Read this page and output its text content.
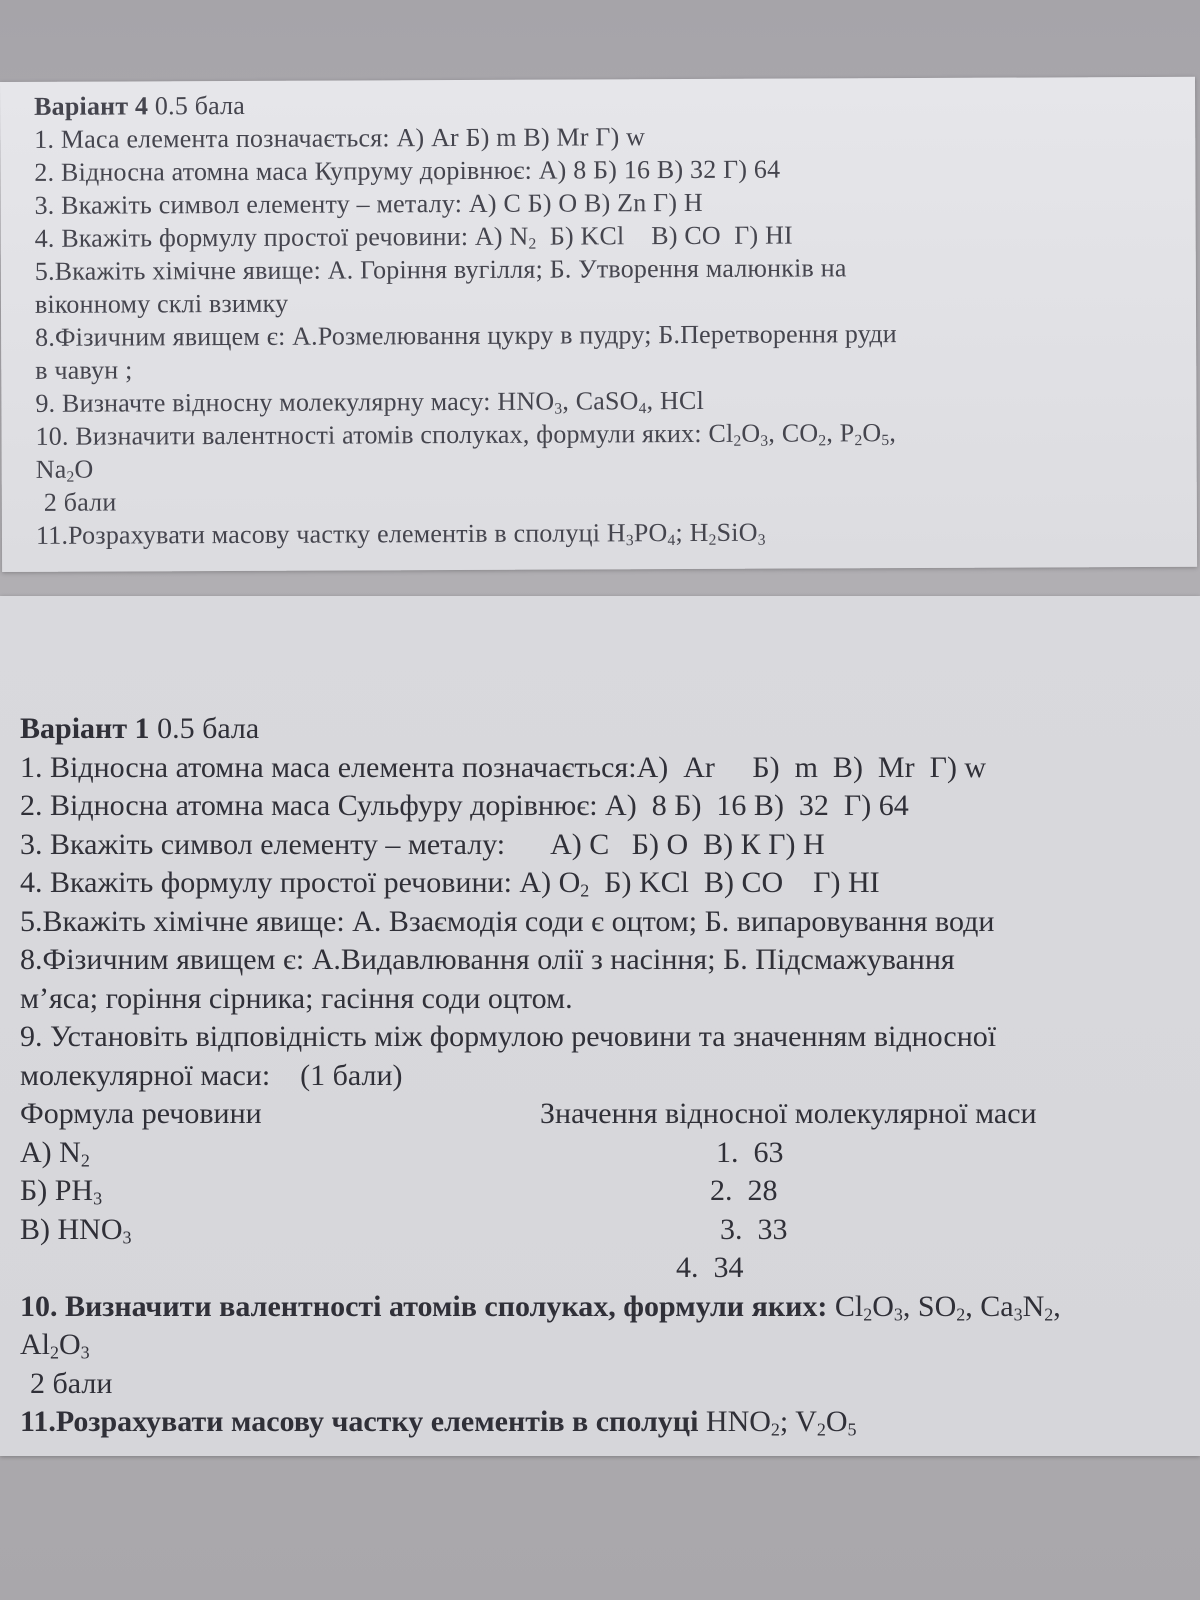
Варіант 4 0.5 бала
1. Маса елемента позначається: А) Ar Б) m В) Mr Г) w
2. Відносна атомна маса Купруму дорівнює: А) 8 Б) 16 В) 32 Г) 64
3. Вкажіть символ елементу – металу: А) С Б) О В) Zn Г) Н
4. Вкажіть формулу простої речовини: А) $N_2$  Б) KCl    В) CO  Г) HI
5.Вкажіть хімічне явище: А. Горіння вугілля; Б. Утворення малюнків на
віконному склі взимку
8.Фізичним явищем є: А.Розмелювання цукру в пудру; Б.Перетворення руди
в чавун ;
9. Визначте відносну молекулярну масу: $HNO_3$, CaSO$_4$, HCl
10. Визначити валентності атомів сполуках, формули яких: $Cl_2O_3$, $CO_2$, $P_2O_5$,
$Na_2O$
2 бали
11.Розрахувати масову частку елементів в сполуці $H_3PO_4$; $H_2SiO_3$
Варіант 1 0.5 бала
1. Відносна атомна маса елемента позначається:А)  Ar     Б)  m  В)  Mr  Г) w
2. Відносна атомна маса Сульфуру дорівнює: А)  8 Б)  16 В)  32  Г) 64
3. Вкажіть символ елементу – металу:      А) С   Б) О  В) К Г) Н
4. Вкажіть формулу простої речовини: А) $O_2$  Б) KCl  В) CO    Г) HI
5.Вкажіть хімічне явище: А. Взаємодія соди є оцтом; Б. випаровування води
8.Фізичним явищем є: А.Видавлювання олії з насіння; Б. Підсмажування
м’яса; горіння сірника; гасіння соди оцтом.
9. Установіть відповідність між формулою речовини та значенням відносної
молекулярної маси: (1 бали)
Формула речовини	Значення відносної молекулярної маси
А) $N_2$	1.  63
Б) $PH_3$	2.  28
В) $HNO_3$	3.  33
4.  34
10. Визначити валентності атомів сполуках, формули яких: $Cl_2O_3$, $SO_2$, $Ca_3N_2$,
$Al_2O_3$
2 бали
11.Розрахувати масову частку елементів в сполуці $HNO_2$; $V_2O_5$
